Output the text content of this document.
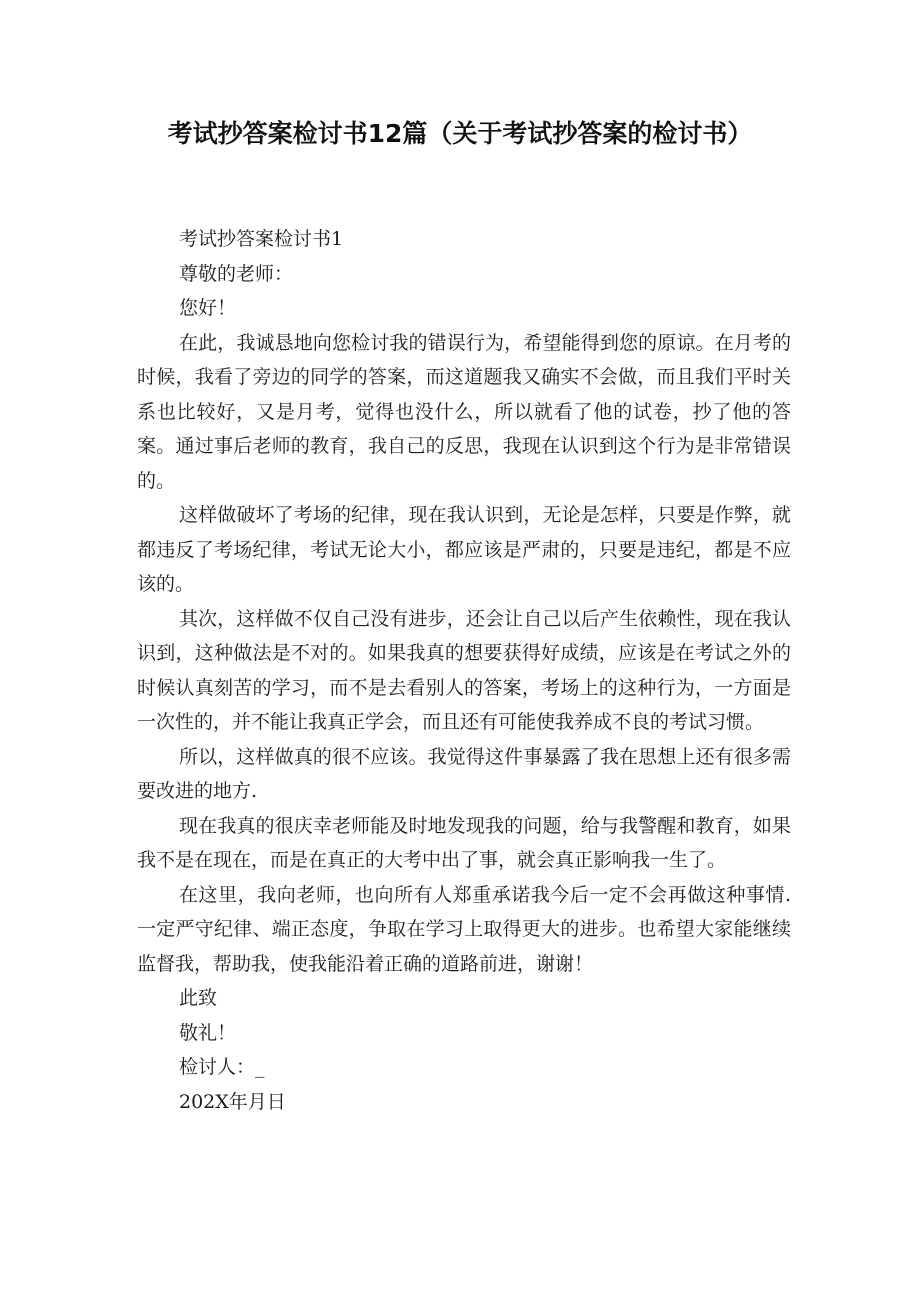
考试抄答案检讨书12篇（关于考试抄答案的检讨书）

考试抄答案检讨书1

尊敬的老师：

您好！

在此，我诚恳地向您检讨我的错误行为，希望能得到您的原谅。在月考的时候，我看了旁边的同学的答案，而这道题我又确实不会做，而且我们平时关系也比较好，又是月考，觉得也没什么，所以就看了他的试卷，抄了他的答案。通过事后老师的教育，我自己的反思，我现在认识到这个行为是非常错误的。

这样做破坏了考场的纪律，现在我认识到，无论是怎样，只要是作弊，就都违反了考场纪律，考试无论大小，都应该是严肃的，只要是违纪，都是不应该的。

其次，这样做不仅自己没有进步，还会让自己以后产生依赖性，现在我认识到，这种做法是不对的。如果我真的想要获得好成绩，应该是在考试之外的时候认真刻苦的学习，而不是去看别人的答案，考场上的这种行为，一方面是一次性的，并不能让我真正学会，而且还有可能使我养成不良的考试习惯。

所以，这样做真的很不应该。我觉得这件事暴露了我在思想上还有很多需要改进的地方.

现在我真的很庆幸老师能及时地发现我的问题，给与我警醒和教育，如果我不是在现在，而是在真正的大考中出了事，就会真正影响我一生了。

在这里，我向老师，也向所有人郑重承诺我今后一定不会再做这种事情.一定严守纪律、端正态度，争取在学习上取得更大的进步。也希望大家能继续监督我，帮助我，使我能沿着正确的道路前进，谢谢！

此致

敬礼！

检讨人：_

202X年月日
